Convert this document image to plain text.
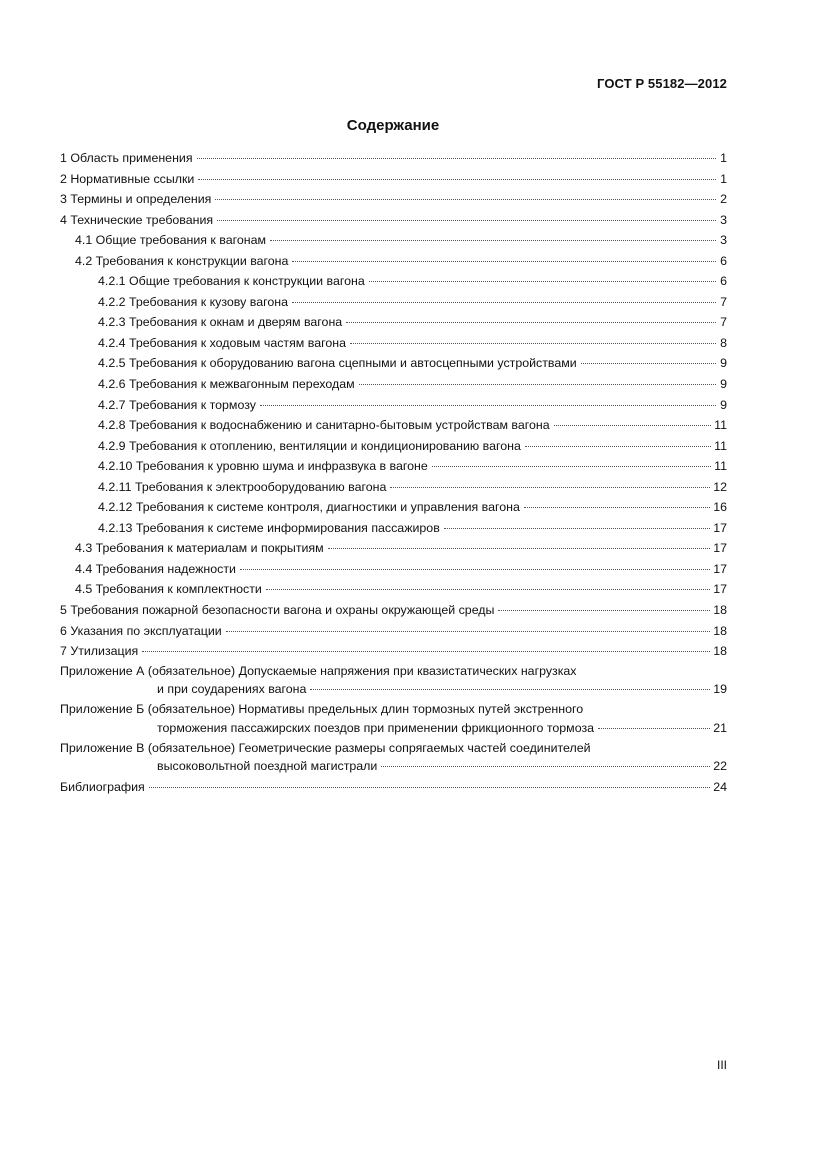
ГОСТ Р 55182—2012
Содержание
1 Область применения	1
2 Нормативные ссылки	1
3 Термины и определения	2
4 Технические требования	3
4.1 Общие требования к вагонам	3
4.2 Требования к конструкции вагона	6
4.2.1 Общие требования к конструкции вагона	6
4.2.2 Требования к кузову вагона	7
4.2.3 Требования к окнам и дверям вагона	7
4.2.4 Требования к ходовым частям вагона	8
4.2.5 Требования к оборудованию вагона сцепными и автосцепными устройствами	9
4.2.6 Требования к межвагонным переходам	9
4.2.7 Требования к тормозу	9
4.2.8 Требования к водоснабжению и санитарно-бытовым устройствам вагона	11
4.2.9 Требования к отоплению, вентиляции и кондиционированию вагона	11
4.2.10 Требования к уровню шума и инфразвука в вагоне	11
4.2.11 Требования к электрооборудованию вагона	12
4.2.12 Требования к системе контроля, диагностики и управления вагона	16
4.2.13 Требования к системе информирования пассажиров	17
4.3 Требования к материалам и покрытиям	17
4.4 Требования надежности	17
4.5 Требования к комплектности	17
5 Требования пожарной безопасности вагона и охраны окружающей среды	18
6 Указания по эксплуатации	18
7 Утилизация	18
Приложение А (обязательное) Допускаемые напряжения при квазистатических нагрузках
и при соударениях вагона	19
Приложение Б (обязательное) Нормативы предельных длин тормозных путей экстренного
торможения пассажирских поездов при применении фрикционного тормоза	21
Приложение В (обязательное) Геометрические размеры сопрягаемых частей соединителей
высоковольтной поездной магистрали	22
Библиография	24
III
